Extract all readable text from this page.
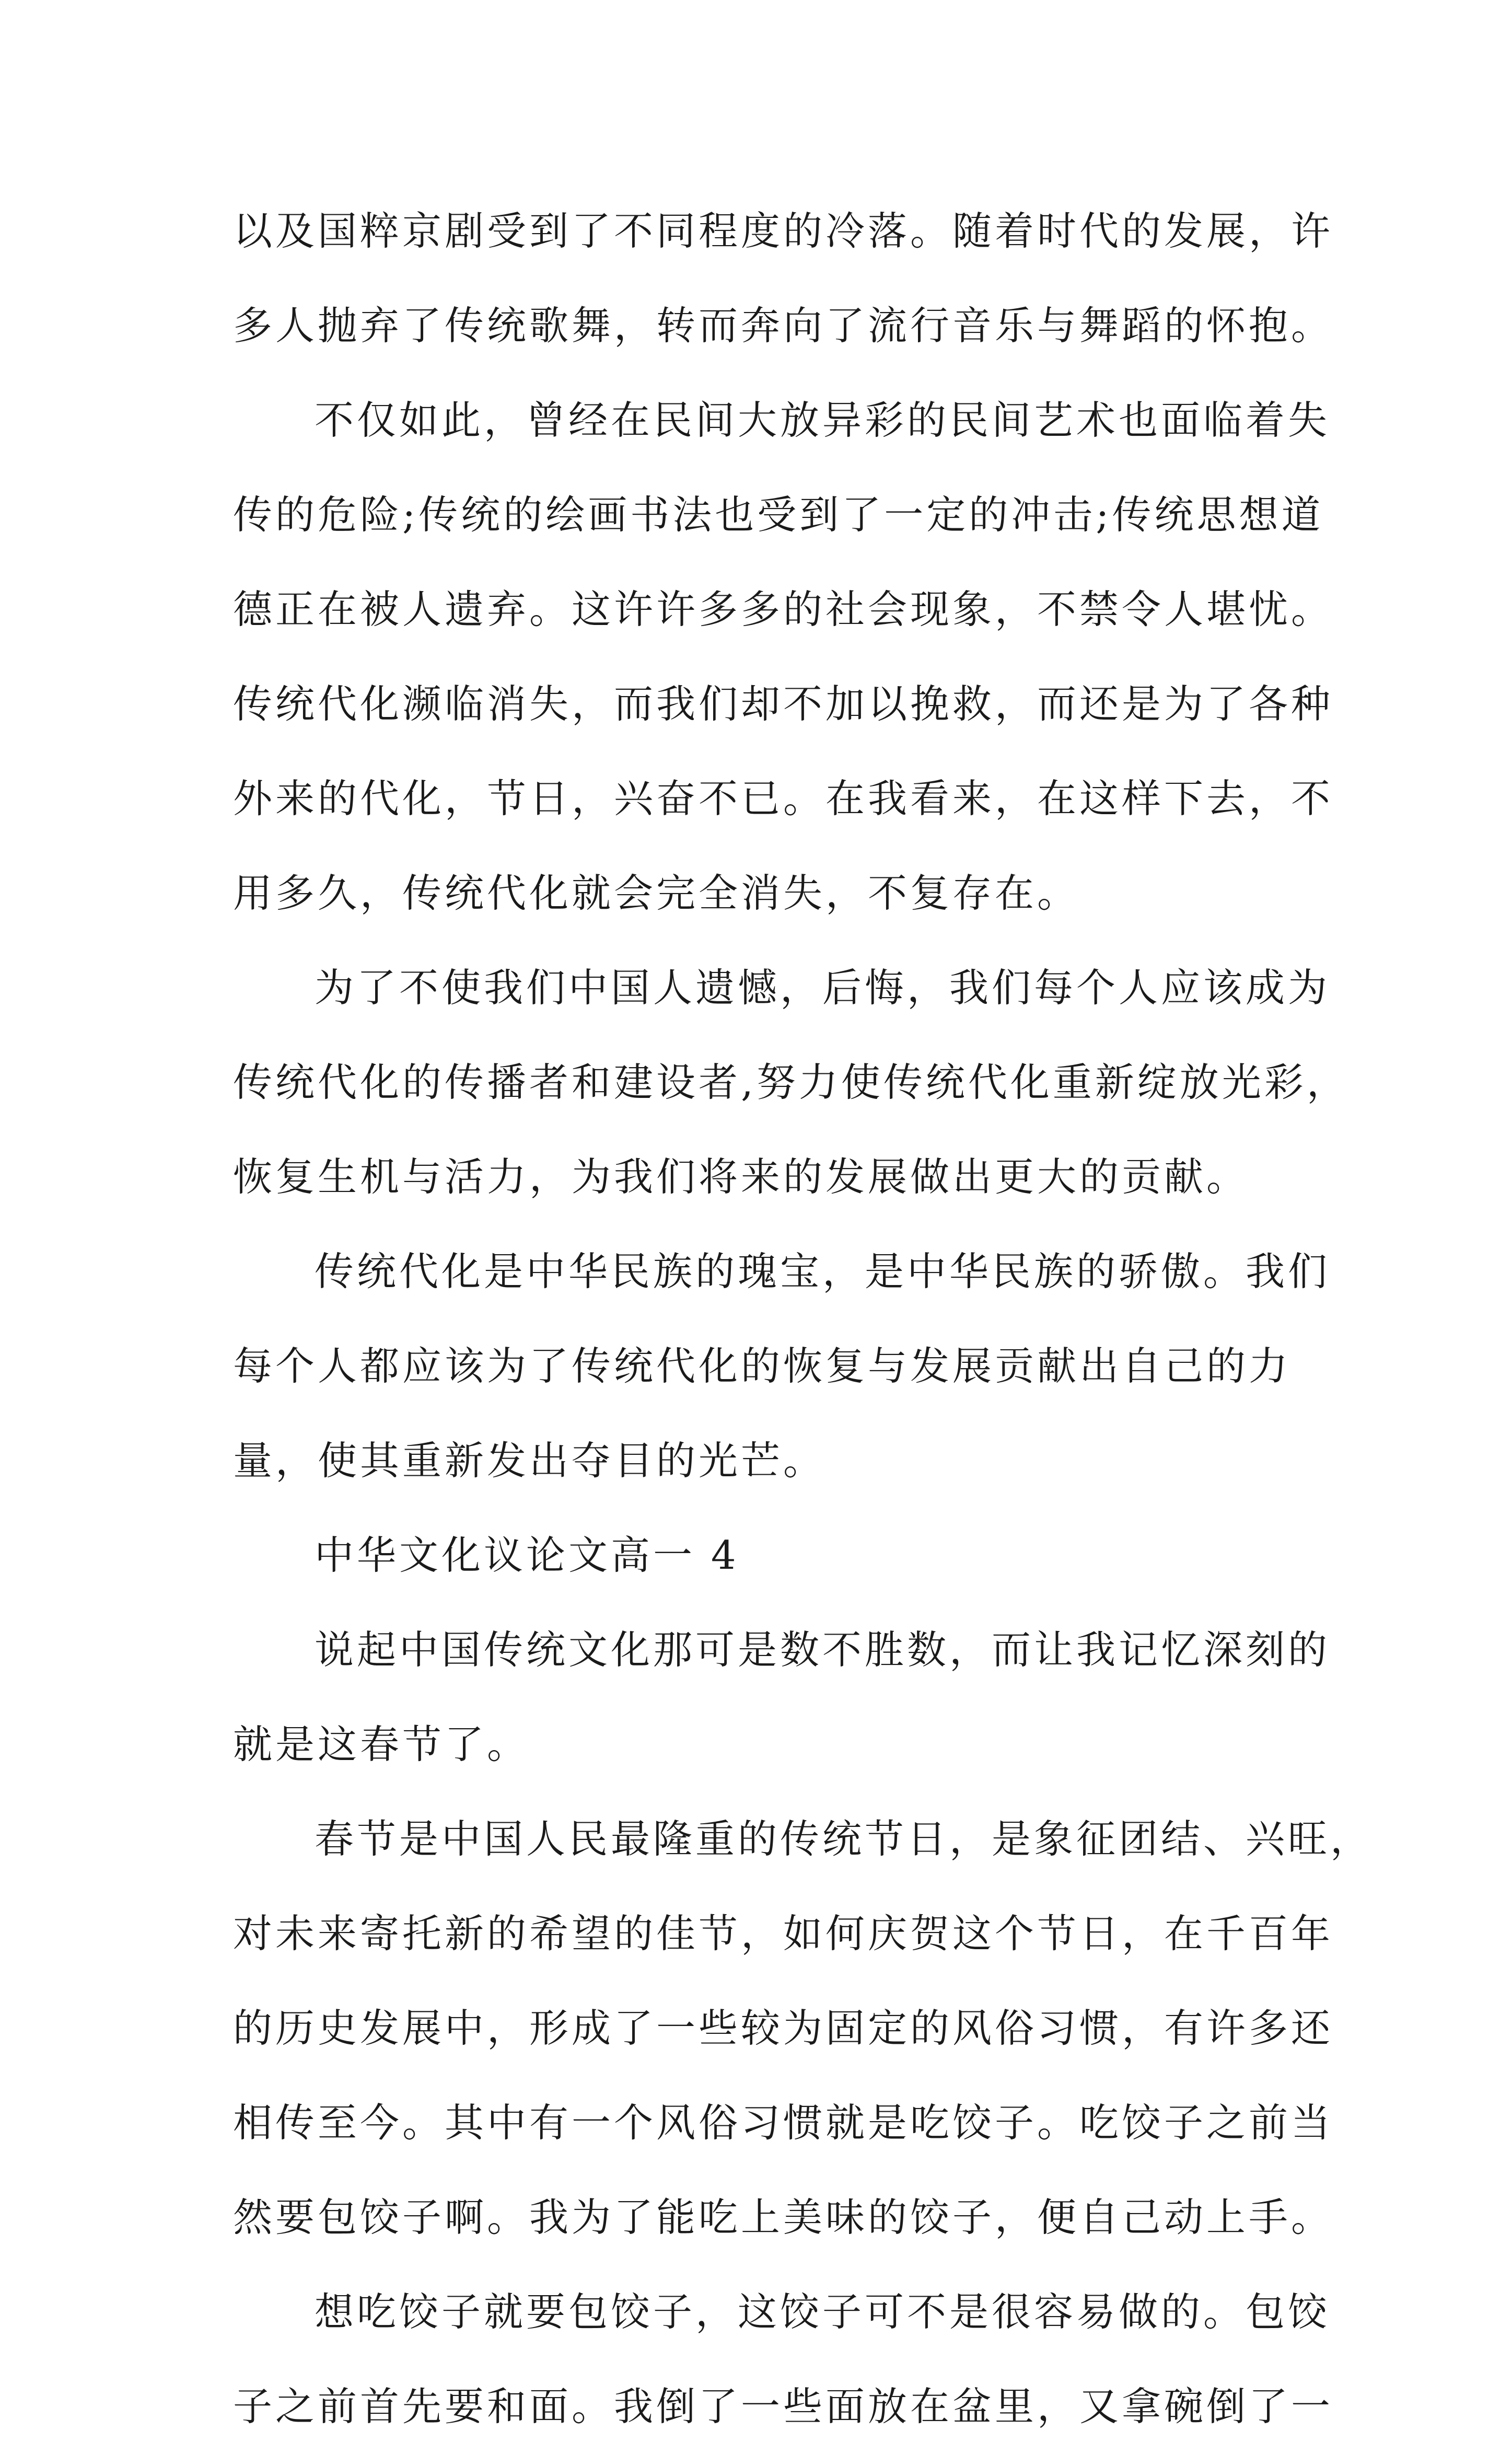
以及国粹京剧受到了不同程度的冷落。随着时代的发展，许
多人抛弃了传统歌舞，转而奔向了流行音乐与舞蹈的怀抱。
不仅如此，曾经在民间大放异彩的民间艺术也面临着失
传的危险;传统的绘画书法也受到了一定的冲击;传统思想道
德正在被人遗弃。这许许多多的社会现象，不禁令人堪忧。
传统代化濒临消失，而我们却不加以挽救，而还是为了各种
外来的代化，节日，兴奋不已。在我看来，在这样下去，不
用多久，传统代化就会完全消失，不复存在。
为了不使我们中国人遗憾，后悔，我们每个人应该成为
传统代化的传播者和建设者,努力使传统代化重新绽放光彩，
恢复生机与活力，为我们将来的发展做出更大的贡献。
传统代化是中华民族的瑰宝，是中华民族的骄傲。我们
每个人都应该为了传统代化的恢复与发展贡献出自己的力
量，使其重新发出夺目的光芒。
中华文化议论文高一 4
说起中国传统文化那可是数不胜数，而让我记忆深刻的
就是这春节了。
春节是中国人民最隆重的传统节日，是象征团结、兴旺，
对未来寄托新的希望的佳节，如何庆贺这个节日，在千百年
的历史发展中，形成了一些较为固定的风俗习惯，有许多还
相传至今。其中有一个风俗习惯就是吃饺子。吃饺子之前当
然要包饺子啊。我为了能吃上美味的饺子，便自己动上手。
想吃饺子就要包饺子，这饺子可不是很容易做的。包饺
子之前首先要和面。我倒了一些面放在盆里，又拿碗倒了一
